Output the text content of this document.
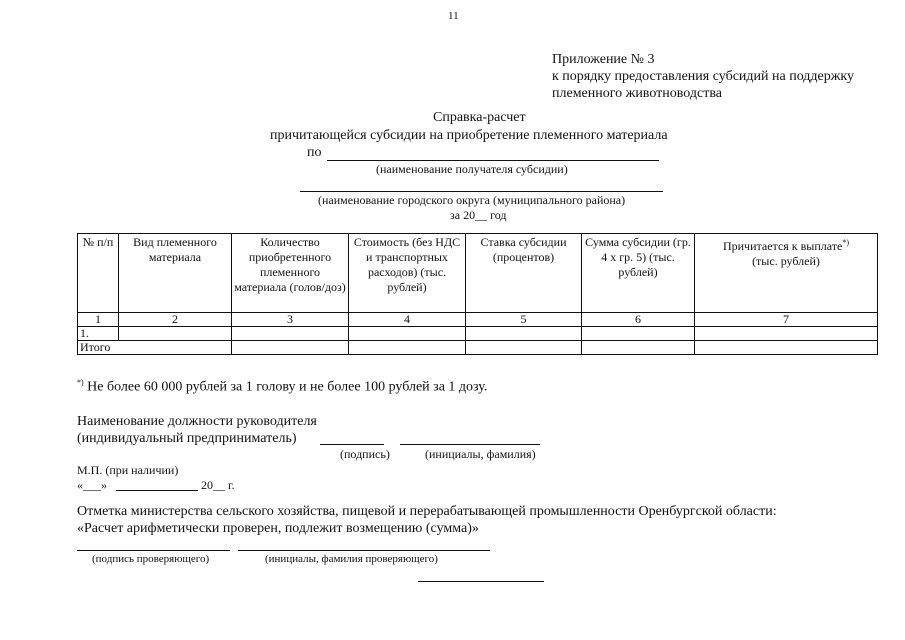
11
Приложение № 3
к порядку предоставления субсидий на поддержку
племенного животноводства
Справка-расчет
причитающейся субсидии на приобретение племенного материала
по
(наименование получателя субсидии)
(наименование городского округа (муниципального района)
за 20__ год
№ п/п	Вид племенного материала	Количество приобретенного племенного материала (голов/доз)	Стоимость (без НДС и транспортных расходов) (тыс. рублей)	Ставка субсидии (процентов)	Сумма субсидии (гр. 4 х гр. 5) (тыс. рублей)	Причитается к выплате*)
(тыс. рублей)
1	2	3	4	5	6	7
1.						
Итого						
*) Не более 60 000 рублей за 1 голову и не более 100 рублей за 1 дозу.
Наименование должности руководителя
(индивидуальный предприниматель)
(подпись)	(инициалы, фамилия)
М.П. (при наличии)
«___»	20__ г.
Отметка министерства сельского хозяйства, пищевой и перерабатывающей промышленности Оренбургской области:
«Расчет арифметически проверен, подлежит возмещению (сумма)»
(подпись проверяющего)	(инициалы, фамилия проверяющего)
